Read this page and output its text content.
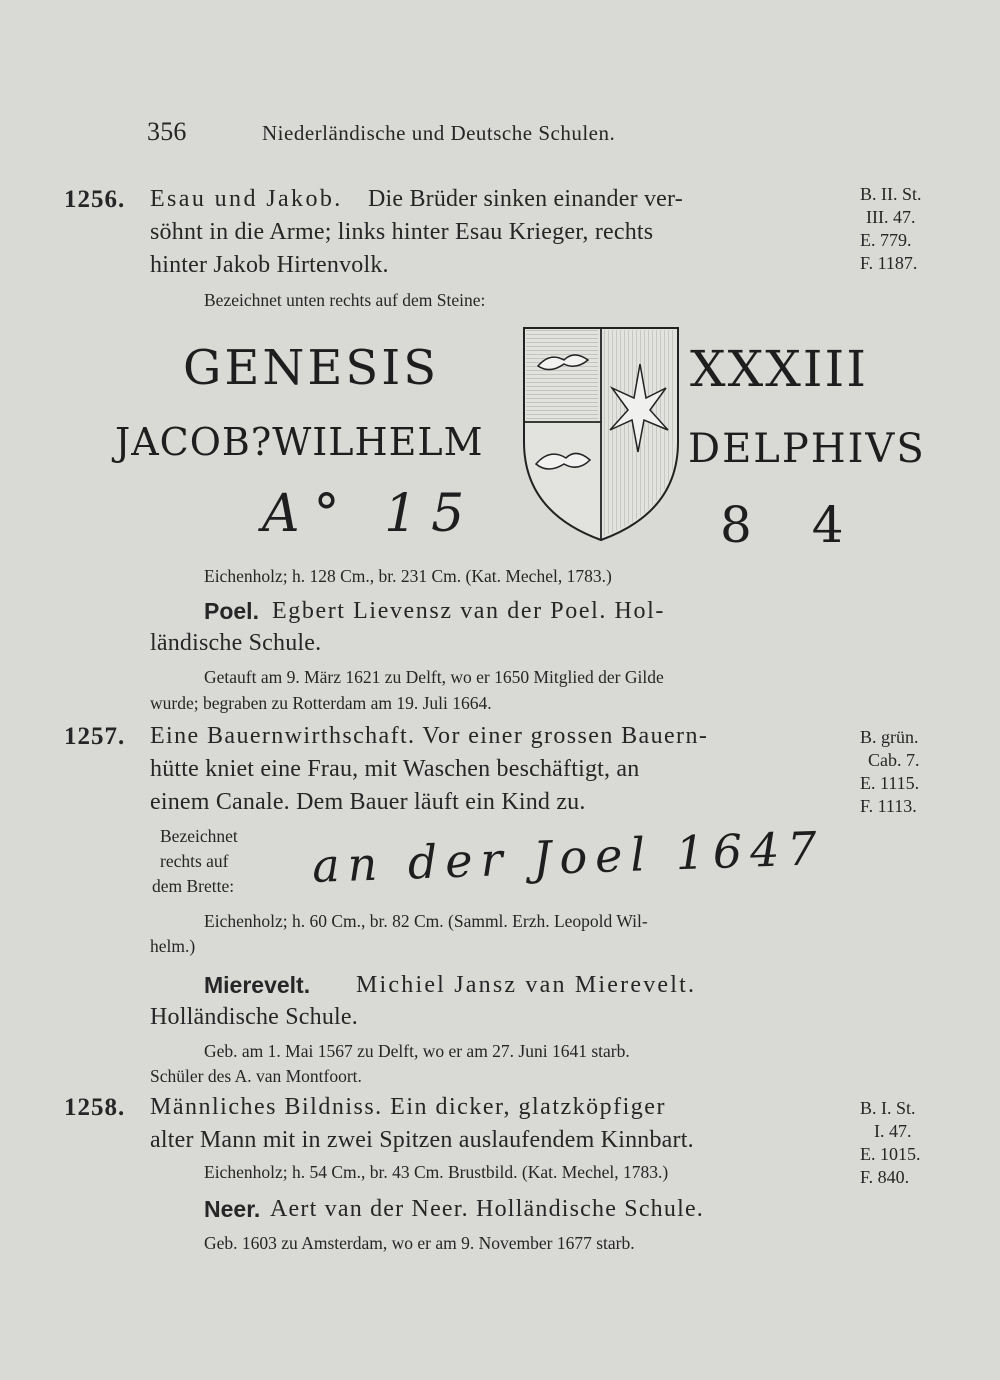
356	Niederländische und Deutsche Schulen.
1256. Esau und Jakob. Die Brüder sinken einander ver-
söhnt in die Arme; links hinter Esau Krieger, rechts
hinter Jakob Hirtenvolk.
Bezeichnet unten rechts auf dem Steine:
B. II. St.
III. 47.
E. 779.
F. 1187.
GENESIS
JACOB?WILHELM
A° 15
XXXIII
DELPHIVS
8 4
Eichenholz; h. 128 Cm., br. 231 Cm. (Kat. Mechel, 1783.)
Poel. Egbert Lievensz van der Poel. Hol-
ländische Schule.
Getauft am 9. März 1621 zu Delft, wo er 1650 Mitglied der Gilde
wurde; begraben zu Rotterdam am 19. Juli 1664.
1257. Eine Bauernwirthschaft. Vor einer grossen Bauern-
hütte kniet eine Frau, mit Waschen beschäftigt, an
einem Canale. Dem Bauer läuft ein Kind zu.
Bezeichnet
rechts auf
dem Brette: an der Joel 1647
B. grün.
Cab. 7.
E. 1115.
F. 1113.
Eichenholz; h. 60 Cm., br. 82 Cm. (Samml. Erzh. Leopold Wil-
helm.)
Mierevelt. Michiel Jansz van Mierevelt.
Holländische Schule.
Geb. am 1. Mai 1567 zu Delft, wo er am 27. Juni 1641 starb.
Schüler des A. van Montfoort.
1258. Männliches Bildniss. Ein dicker, glatzköpfiger
alter Mann mit in zwei Spitzen auslaufendem Kinnbart.
Eichenholz; h. 54 Cm., br. 43 Cm. Brustbild. (Kat. Mechel, 1783.)
B. I. St.
I. 47.
E. 1015.
F. 840.
Neer. Aert van der Neer. Holländische Schule.
Geb. 1603 zu Amsterdam, wo er am 9. November 1677 starb.
